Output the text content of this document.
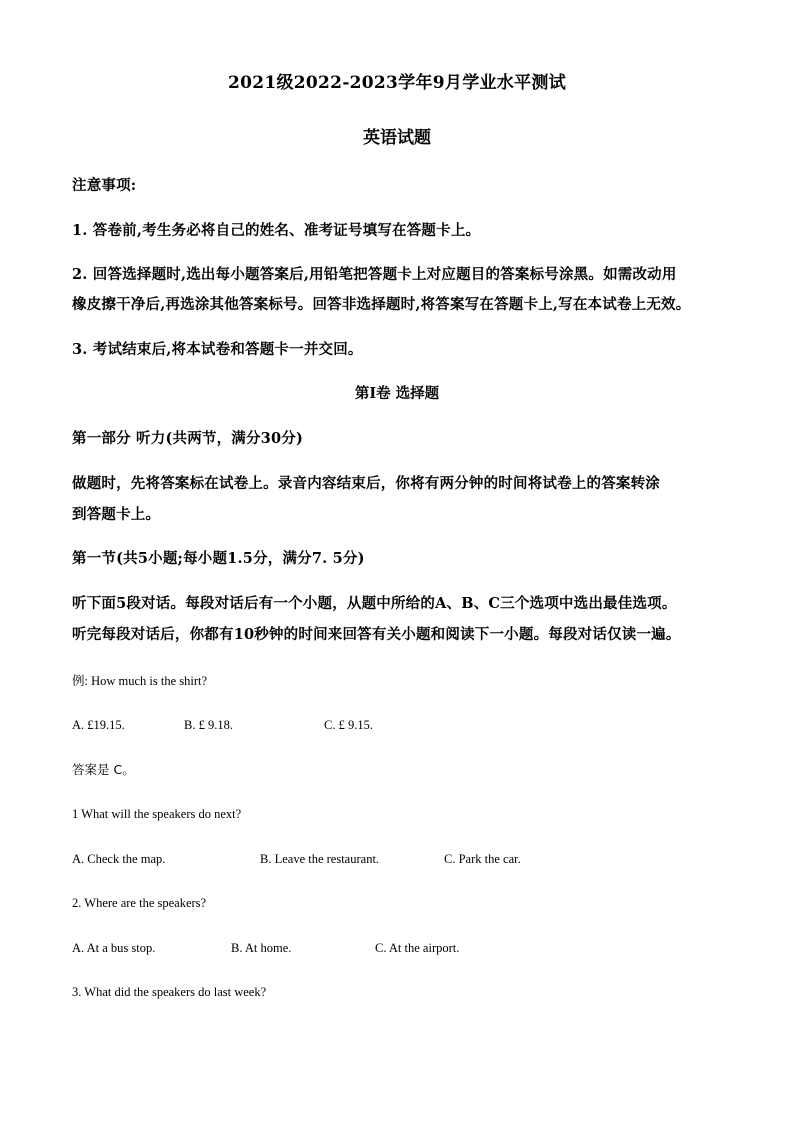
2021级2022-2023学年9月学业水平测试
英语试题
注意事项:
1. 答卷前,考生务必将自己的姓名、准考证号填写在答题卡上。
2. 回答选择题时,选出每小题答案后,用铅笔把答题卡上对应题目的答案标号涂黑。如需改动用
橡皮擦干净后,再选涂其他答案标号。回答非选择题时,将答案写在答题卡上,写在本试卷上无效。
3. 考试结束后,将本试卷和答题卡一并交回。
第I卷 选择题
第一部分 听力(共两节，满分30分)
做题时，先将答案标在试卷上。录音内容结束后，你将有两分钟的时间将试卷上的答案转涂
到答题卡上。
第一节(共5小题;每小题1.5分，满分7. 5分)
听下面5段对话。每段对话后有一个小题，从题中所给的A、B、C三个选项中选出最佳选项。
听完每段对话后，你都有10秒钟的时间来回答有关小题和阅读下一小题。每段对话仅读一遍。
例: How much is the shirt?
A. £19.15.	B. £ 9.18.	C. £ 9.15.
答案是 C。
1 What will the speakers do next?
A. Check the map.	B. Leave the restaurant.	C. Park the car.
2. Where are the speakers?
A. At a bus stop.	B. At home.	C. At the airport.
3. What did the speakers do last week?
